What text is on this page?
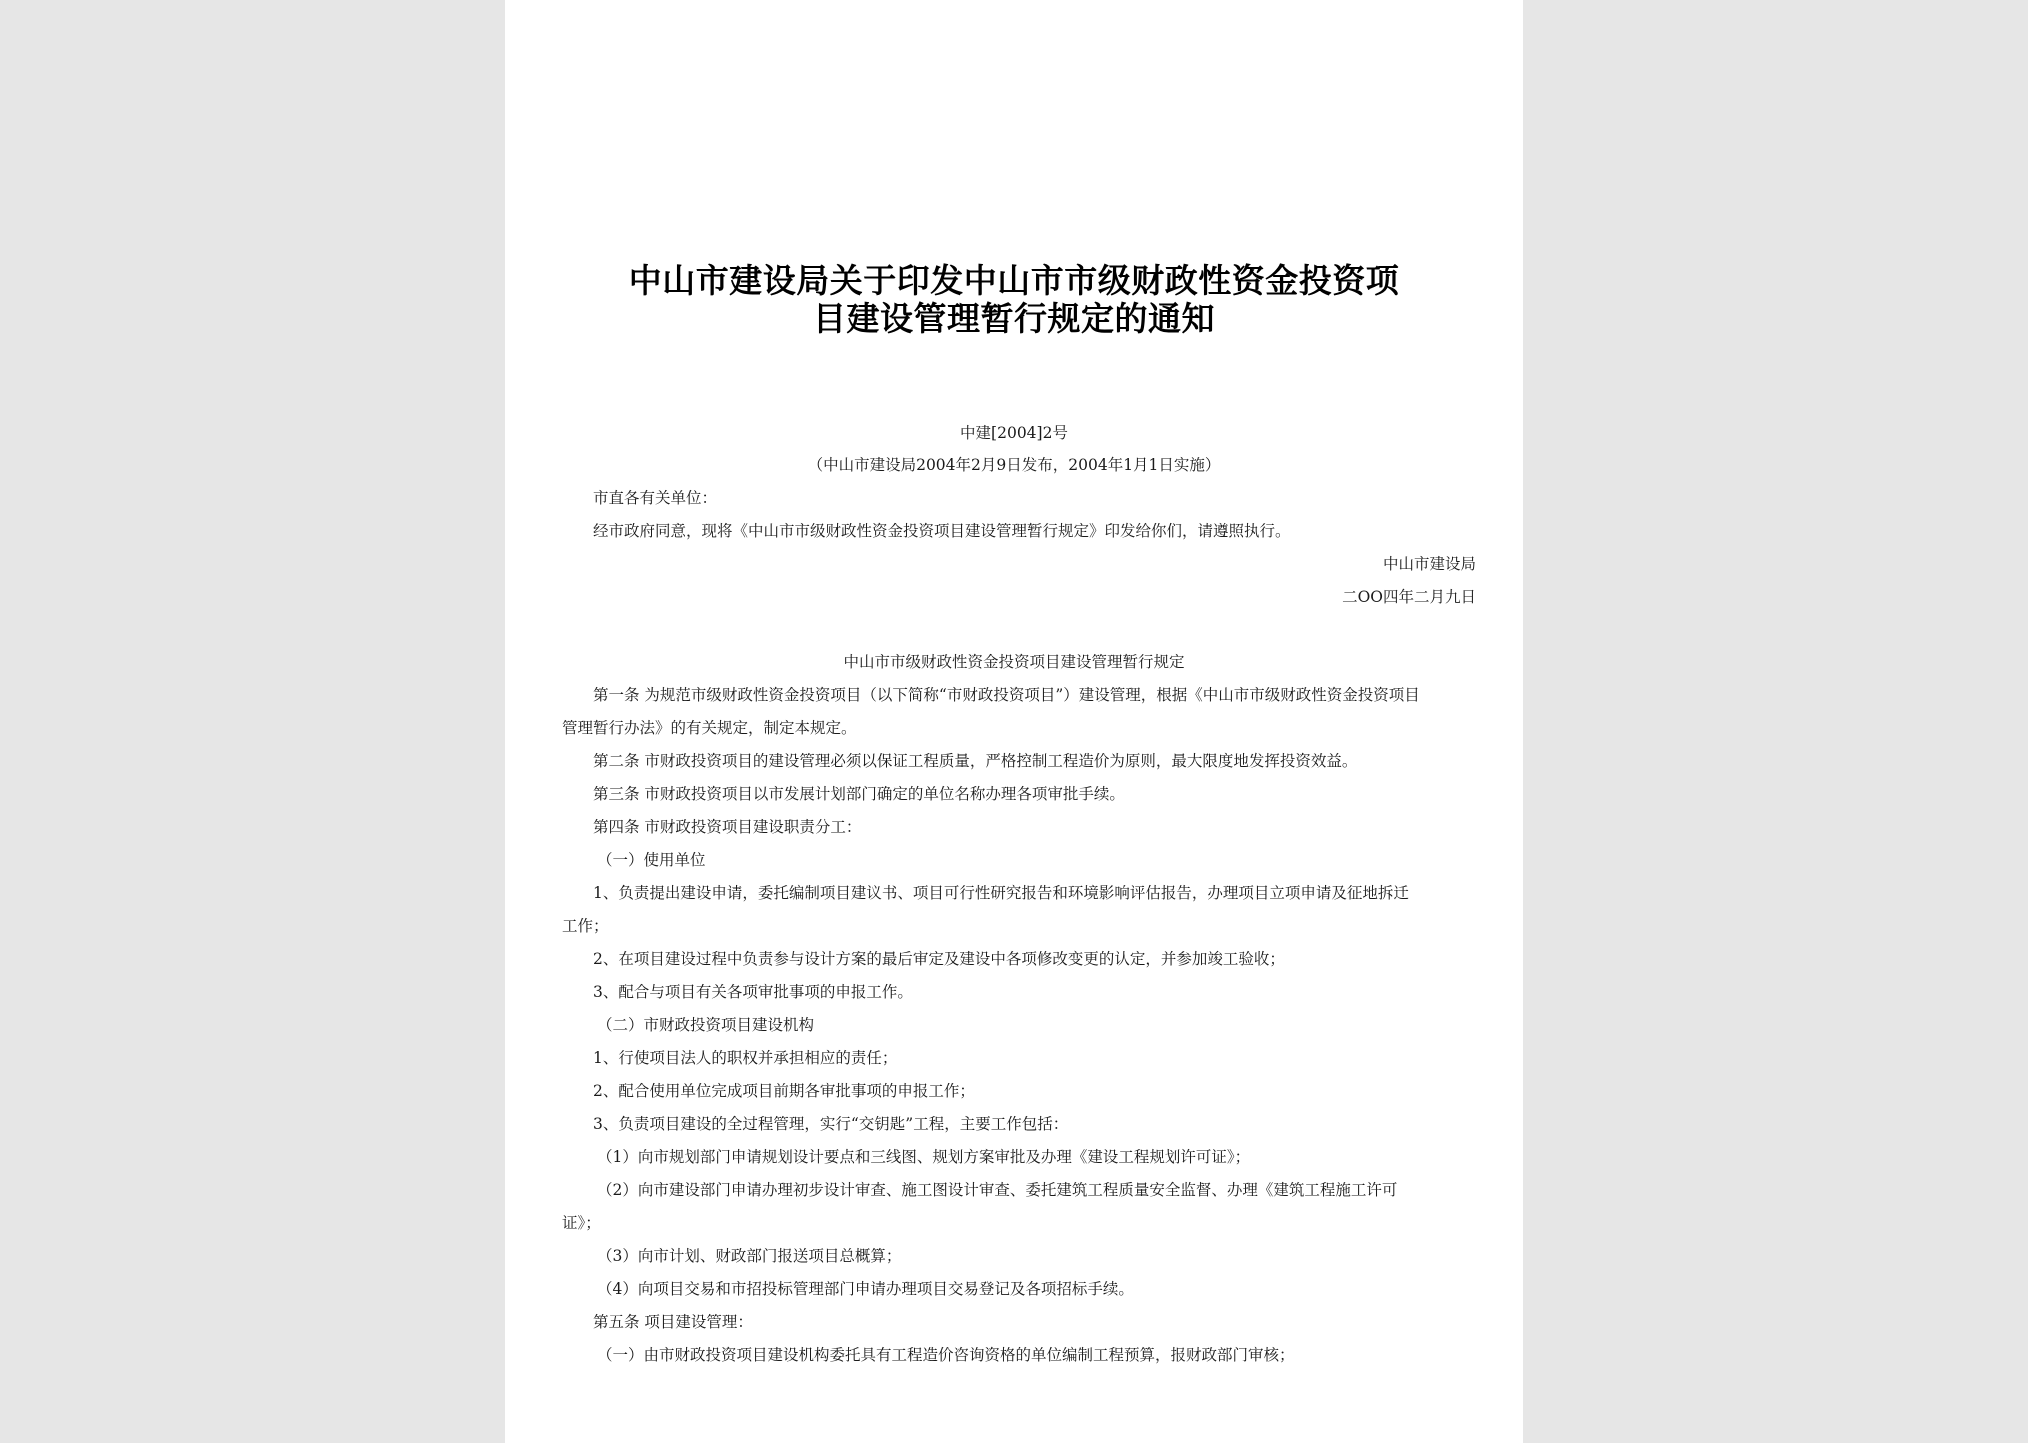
中山市建设局关于印发中山市市级财政性资金投资项
目建设管理暂行规定的通知
中建[2004]2号
（中山市建设局2004年2月9日发布，2004年1月1日实施）
市直各有关单位：
经市政府同意，现将《中山市市级财政性资金投资项目建设管理暂行规定》印发给你们，请遵照执行。
中山市建设局
二OO四年二月九日
中山市市级财政性资金投资项目建设管理暂行规定
第一条 为规范市级财政性资金投资项目（以下简称“市财政投资项目”）建设管理，根据《中山市市级财政性资金投资项目
管理暂行办法》的有关规定，制定本规定。
第二条 市财政投资项目的建设管理必须以保证工程质量，严格控制工程造价为原则，最大限度地发挥投资效益。
第三条 市财政投资项目以市发展计划部门确定的单位名称办理各项审批手续。
第四条 市财政投资项目建设职责分工：
（一）使用单位
1、负责提出建设申请，委托编制项目建议书、项目可行性研究报告和环境影响评估报告，办理项目立项申请及征地拆迁
工作；
2、在项目建设过程中负责参与设计方案的最后审定及建设中各项修改变更的认定，并参加竣工验收；
3、配合与项目有关各项审批事项的申报工作。
（二）市财政投资项目建设机构
1、行使项目法人的职权并承担相应的责任；
2、配合使用单位完成项目前期各审批事项的申报工作；
3、负责项目建设的全过程管理，实行“交钥匙”工程，主要工作包括：
（1）向市规划部门申请规划设计要点和三线图、规划方案审批及办理《建设工程规划许可证》；
（2）向市建设部门申请办理初步设计审查、施工图设计审查、委托建筑工程质量安全监督、办理《建筑工程施工许可
证》；
（3）向市计划、财政部门报送项目总概算；
（4）向项目交易和市招投标管理部门申请办理项目交易登记及各项招标手续。
第五条 项目建设管理：
（一）由市财政投资项目建设机构委托具有工程造价咨询资格的单位编制工程预算，报财政部门审核；
